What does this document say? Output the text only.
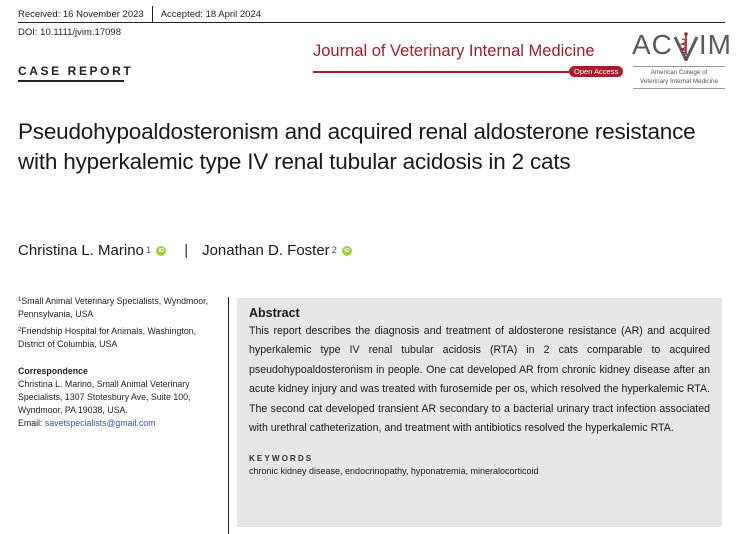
Received: 16 November 2023 Accepted: 18 April 2024
DOI: 10.1111/jvim.17098
CASE REPORT
Journal of Veterinary Internal Medicine
Open Access
AC IM
American College of
Veterinary Internal Medicine
Pseudohypoaldosteronism and acquired renal aldosterone resistance with hyperkalemic type IV renal tubular acidosis in 2 cats
Christina L. Marino 1	iD | Jonathan D. Foster 2	iD

$^1$Small Animal Veterinary Specialists, Wyndmoor, Pennsylvania, USA

$^2$Friendship Hospital for Animals, Washington, District of Columbia, USA

Correspondence
Christina L. Marino, Small Animal Veterinary Specialists, 1307 Stotesbury Ave, Suite 100, Wyndmoor, PA 19038, USA.
Email: savetspecialists@gmail.com
Abstract
This report describes the diagnosis and treatment of aldosterone resistance (AR) and acquired hyperkalemic type IV renal tubular acidosis (RTA) in 2 cats comparable to acquired pseudohypoaldosteronism in people. One cat developed AR from chronic kidney disease after an acute kidney injury and was treated with furosemide per os, which resolved the hyperkalemic RTA. The second cat developed transient AR secondary to a bacterial urinary tract infection associated with urethral catheterization, and treatment with antibiotics resolved the hyperkalemic RTA.
KEYWORDS
chronic kidney disease, endocrinopathy, hyponatremia, mineralocorticoid
